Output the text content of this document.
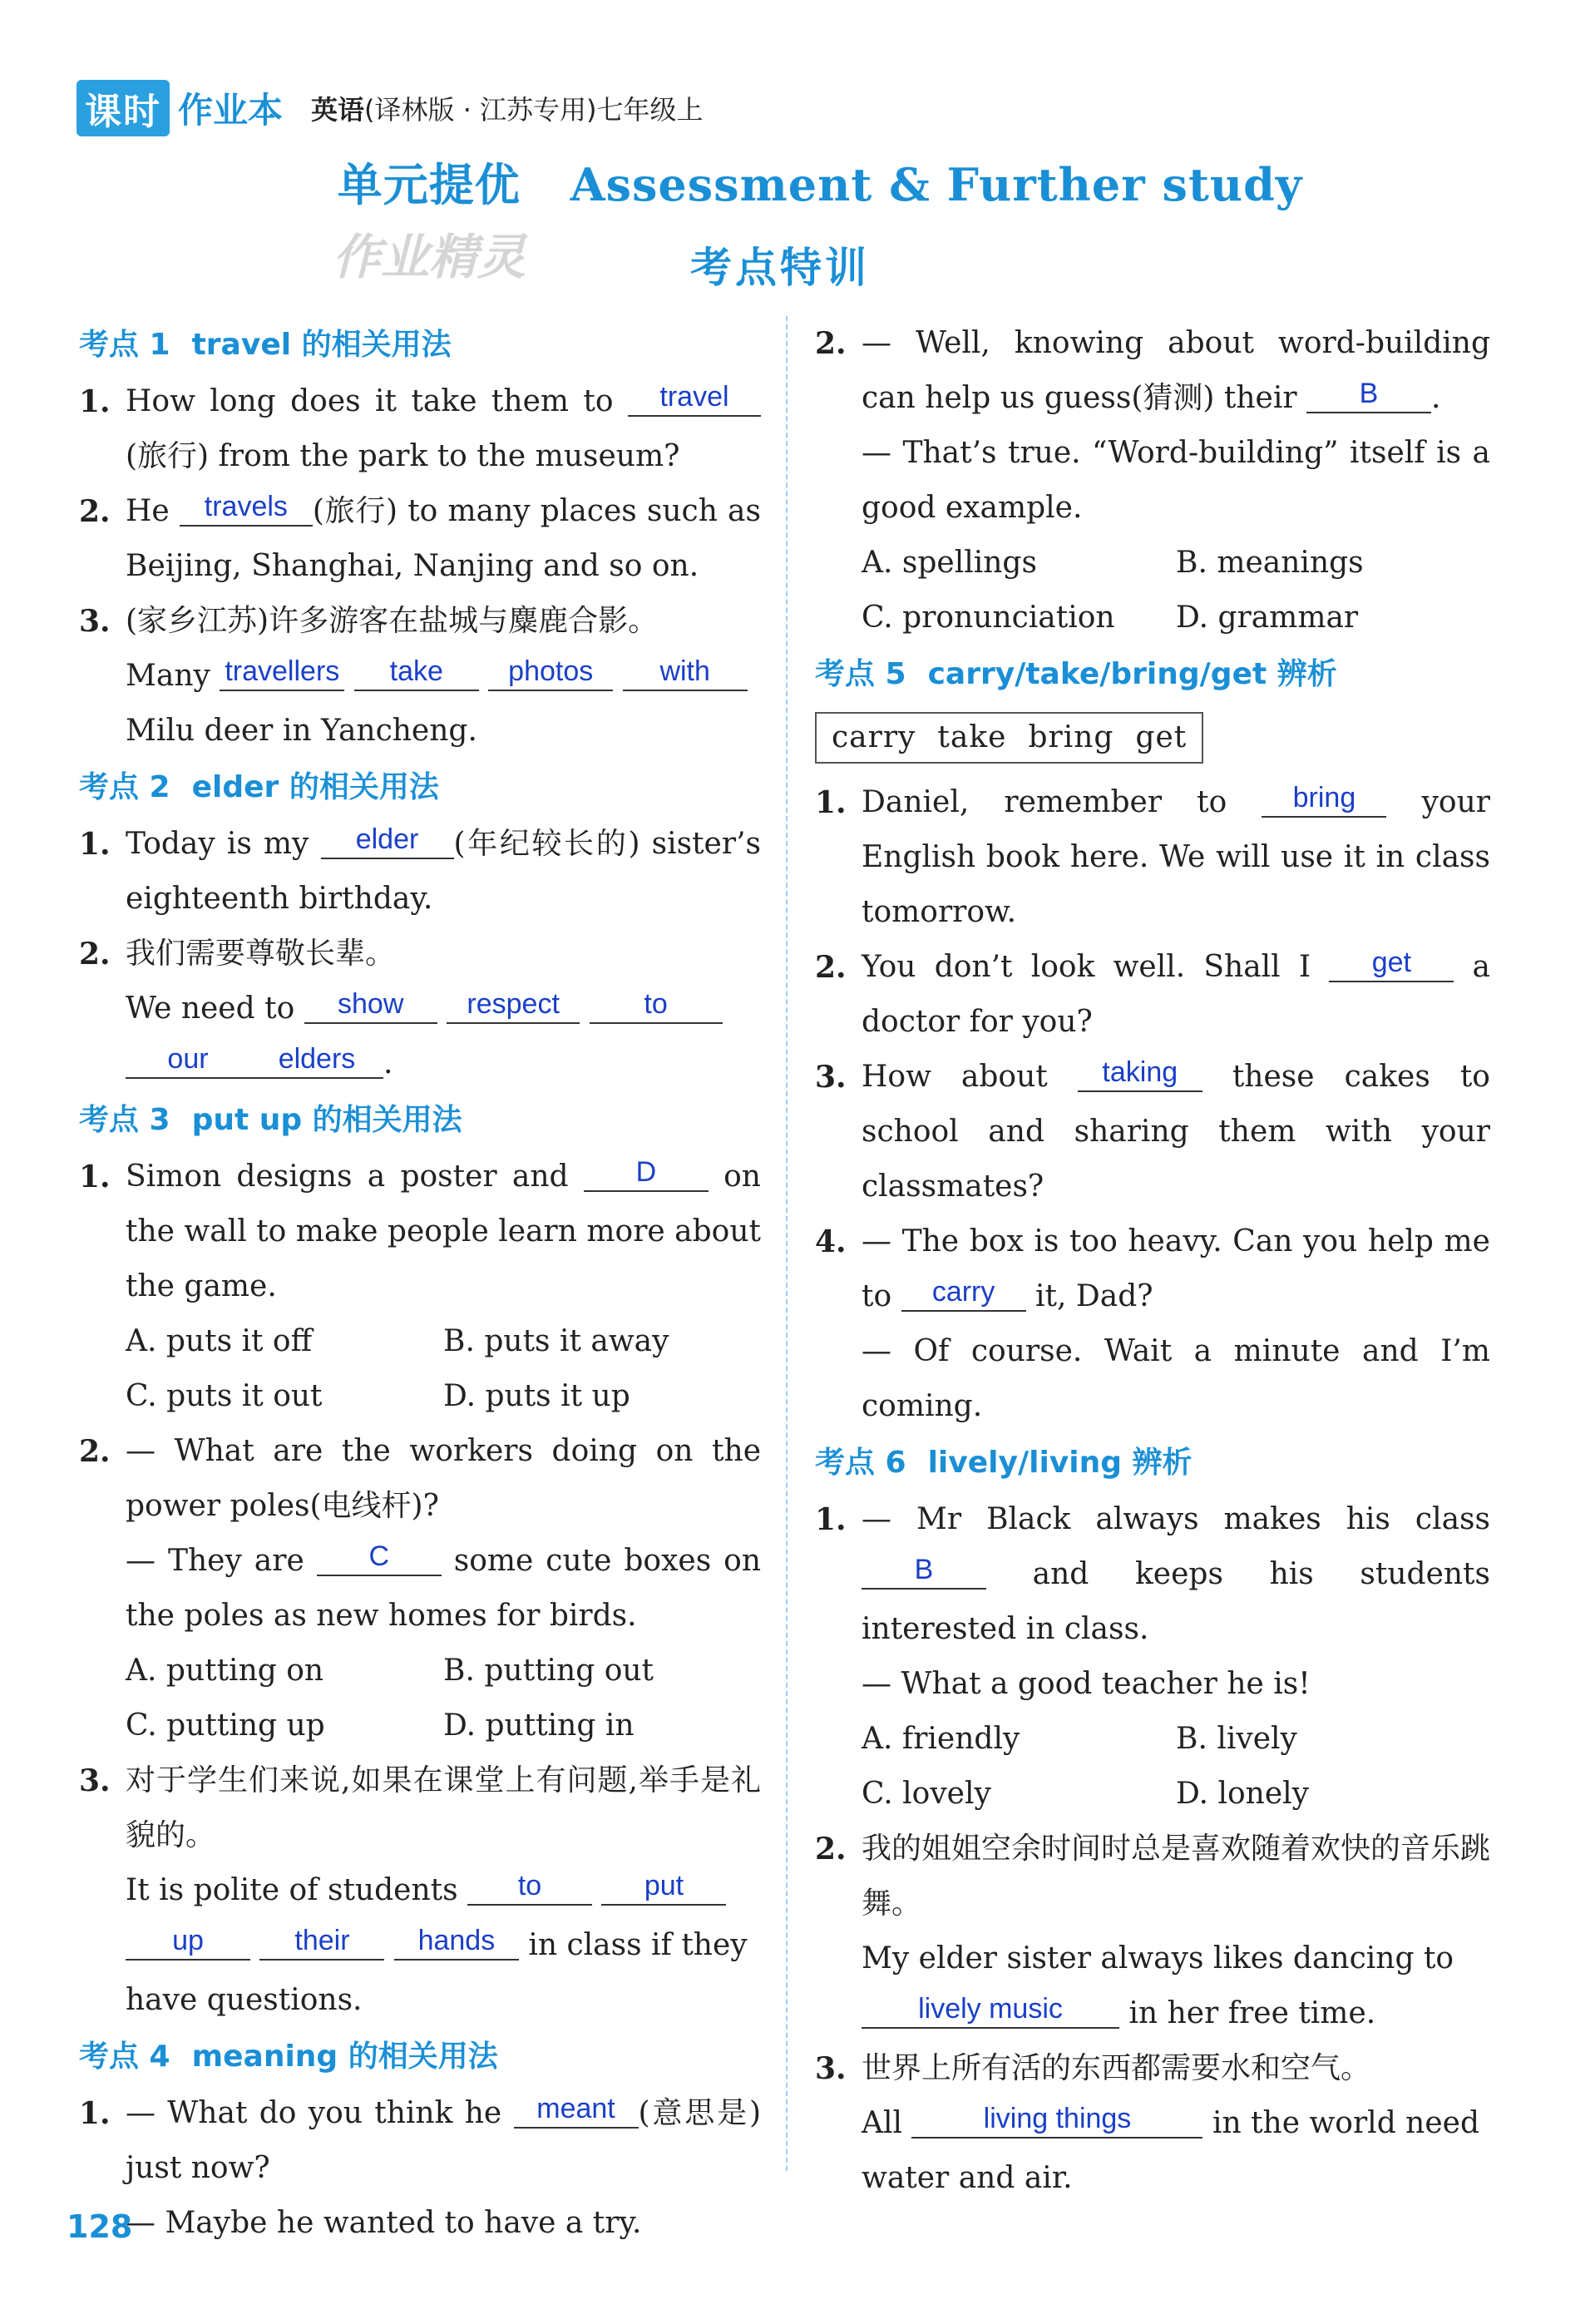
课时 作业本 英语(译林版 · 江苏专用)七年级上
单元提优 Assessment & Further study
作业精灵	考点特训
考点 1 travel 的相关用法
1. How long does it take them to travel(旅行) from the park to the museum?
2. He travels (旅行) to many places such as Beijing, Shanghai, Nanjing and so on.
3. (家乡江苏)许多游客在盐城与麋鹿合影。
Many travellers take photos with
Milu deer in Yancheng.
考点 2 elder 的相关用法
1. Today is my elder (年纪较长的) sister’s eighteenth birthday.
2. 我们需要尊敬长辈。
We need to show respect	to
our elders .
考点 3 put up 的相关用法
1. Simon designs a poster and D on the wall to make people learn more about the game.
A. puts it off	B. puts it away
C. puts it out	D. puts it up
2. — What are the workers doing on the power poles(电线杆)?
— They are C some cute boxes on the poles as new homes for birds.
A. putting on	B. putting out
C. putting up	D. putting in
3. 对于学生们来说,如果在课堂上有问题,举手是礼貌的。
It is polite of students to	put
up	their hands in class if they have questions.
考点 4 meaning 的相关用法
1. — What do you think he meant (意思是) just now?
— Maybe he wanted to have a try.
2. — Well, knowing about word-building can help us guess(猜测) their B .
— That’s true. “Word-building” itself is a good example.
A. spellings	B. meanings
C. pronunciation	D. grammar
考点 5 carry/take/bring/get 辨析
carry take bring get
1. Daniel, remember to bring your English book here. We will use it in class tomorrow.
2. You don’t look well. Shall I get a doctor for you?
3. How about taking these cakes to school and sharing them with your classmates?
4. — The box is too heavy. Can you help me to carry it, Dad?
— Of course. Wait a minute and I’m coming.
考点 6 lively/living 辨析
1. — Mr Black always makes his class B	and keeps his students interested in class.
— What a good teacher he is!
A. friendly	B. lively
C. lovely	D. lonely
2. 我的姐姐空余时间时总是喜欢随着欢快的音乐跳舞。
My elder sister always likes dancing to lively music in her free time.
3. 世界上所有活的东西都需要水和空气。
All	living things	in the world need water and air.
128
